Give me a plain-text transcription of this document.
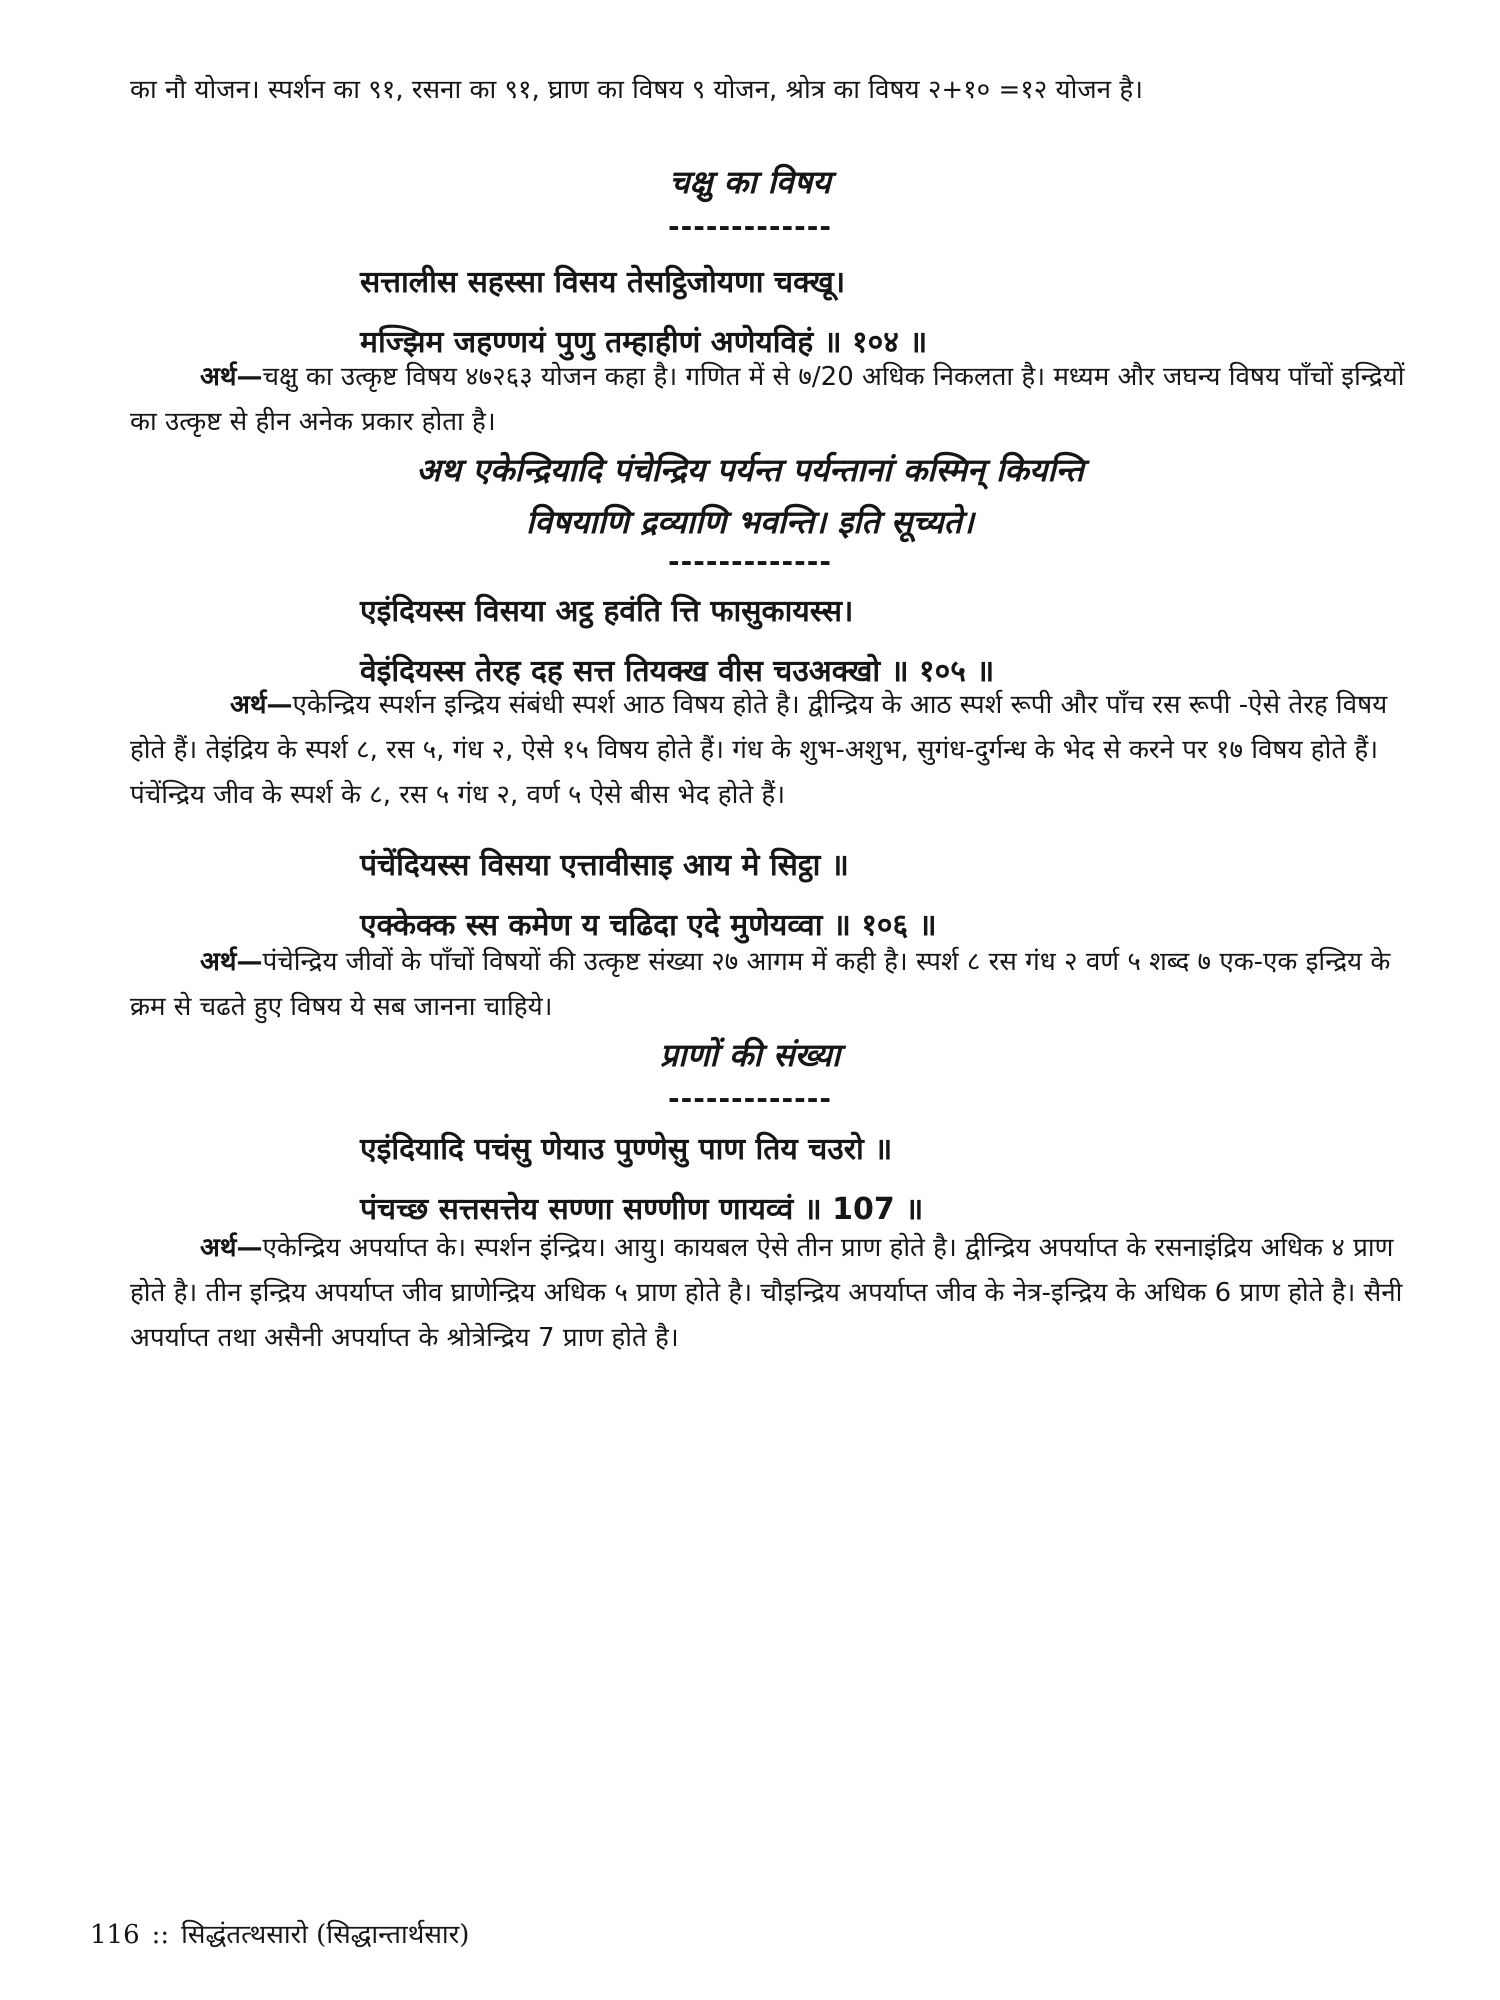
का नौ योजन। स्पर्शन का ९१, रसना का ९१, घ्राण का विषय ९ योजन, श्रोत्र का विषय २+१० =१२ योजन है।

चक्षु का विषय
-------------
सत्तालीस सहस्सा विसय तेसट्ठिजोयणा चक्खू।
मज्झिम जहण्णयं पुणु तम्हाहीणं अणेयविहं ॥ १०४ ॥

अर्थ—चक्षु का उत्कृष्ट विषय ४७२६३ योजन कहा है। गणित में से ७/20 अधिक निकलता है। मध्यम और जघन्य विषय पाँचों इन्द्रियों का उत्कृष्ट से हीन अनेक प्रकार होता है।

अथ एकेन्द्रियादि पंचेन्द्रिय पर्यन्त पर्यन्तानां कस्मिन् कियन्ति
विषयाणि द्रव्याणि भवन्ति। इति सूच्यते।
-------------
एइंदियस्स विसया अट्ठ हवंति त्ति फासुकायस्स।
वेइंदियस्स तेरह दह सत्त तियक्ख वीस चउअक्खो ॥ १०५ ॥

अर्थ—एकेन्द्रिय स्पर्शन इन्द्रिय संबंधी स्पर्श आठ विषय होते है। द्वीन्द्रिय के आठ स्पर्श रूपी और पाँच रस रूपी -ऐसे तेरह विषय होते हैं। तेइंद्रिय के स्पर्श ८, रस ५, गंध २, ऐसे १५ विषय होते हैं। गंध के शुभ-अशुभ, सुगंध-दुर्गन्ध के भेद से करने पर १७ विषय होते हैं। पंचेंन्द्रिय जीव के स्पर्श के ८, रस ५ गंध २, वर्ण ५ ऐसे बीस भेद होते हैं।

पंचेंदियस्स विसया एत्तावीसाइ आय मे सिट्ठा ॥
एक्केक्क स्स कमेण य चढिदा एदे मुणेयव्वा ॥ १०६ ॥

अर्थ—पंचेन्द्रिय जीवों के पाँचों विषयों की उत्कृष्ट संख्या २७ आगम में कही है। स्पर्श ८ रस गंध २ वर्ण ५ शब्द ७ एक-एक इन्द्रिय के क्रम से चढते हुए विषय ये सब जानना चाहिये।

प्राणों की संख्या
-------------
एइंदियादि पचंसु णेयाउ पुण्णेसु पाण तिय चउरो ॥
पंचच्छ सत्तसत्तेय सण्णा सण्णीण णायव्वं ॥ 107 ॥

अर्थ—एकेन्द्रिय अपर्याप्त के। स्पर्शन इंन्द्रिय। आयु। कायबल ऐसे तीन प्राण होते है। द्वीन्द्रिय अपर्याप्त के रसनाइंद्रिय अधिक ४ प्राण होते है। तीन इन्द्रिय अपर्याप्त जीव घ्राणेन्द्रिय अधिक ५ प्राण होते है। चौइन्द्रिय अपर्याप्त जीव के नेत्र-इन्द्रिय के अधिक 6 प्राण होते है। सैनी अपर्याप्त तथा असैनी अपर्याप्त के श्रोत्रेन्द्रिय 7 प्राण होते है।

116 :: सिद्धंतत्थसारो (सिद्धान्तार्थसार)
